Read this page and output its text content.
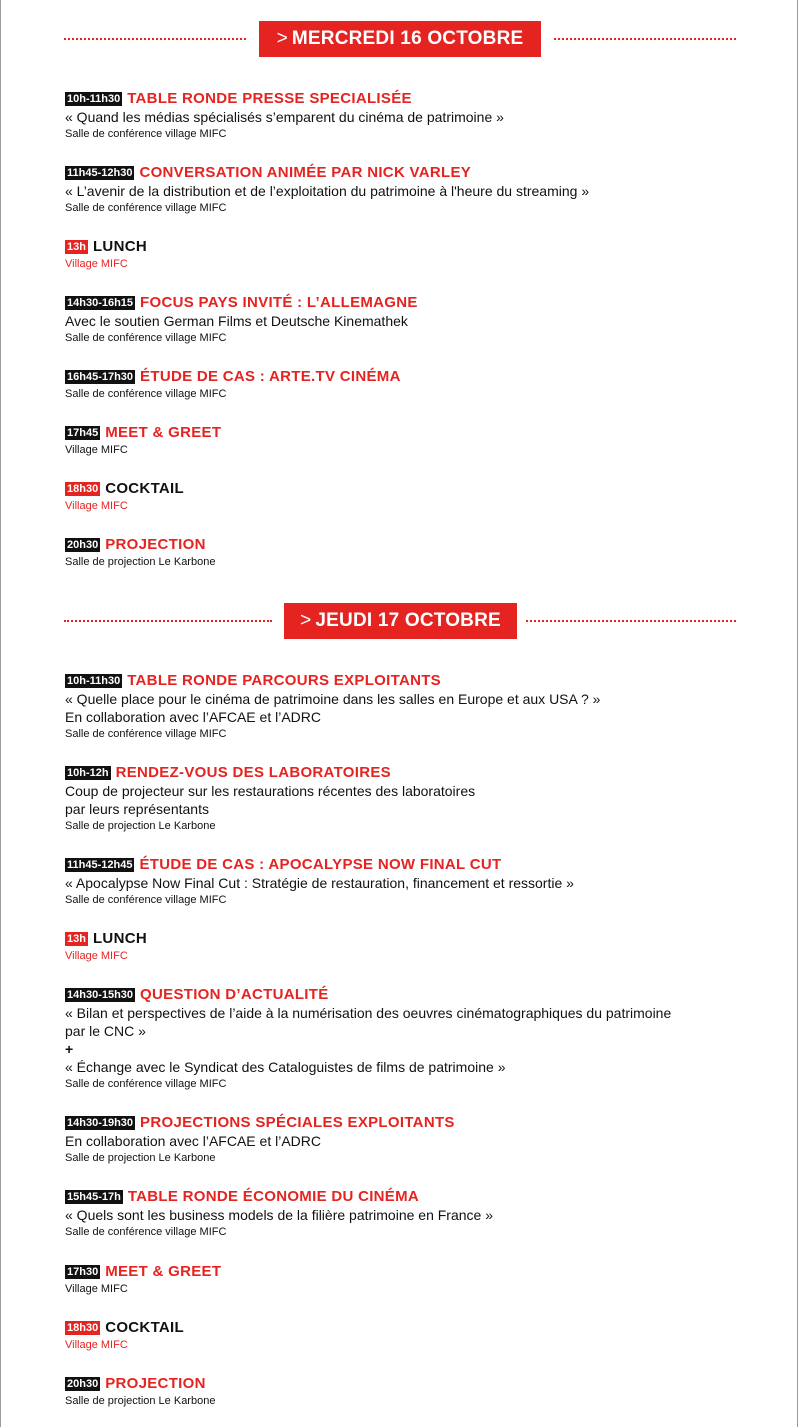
> MERCREDI 16 OCTOBRE
10h-11h30 TABLE RONDE PRESSE SPECIALISÉE
« Quand les médias spécialisés s’emparent du cinéma de patrimoine »
Salle de conférence village MIFC
11h45-12h30 CONVERSATION ANIMÉE PAR NICK VARLEY
« L’avenir de la distribution et de l’exploitation du patrimoine à l'heure du streaming »
Salle de conférence village MIFC
13h LUNCH
Village MIFC
14h30-16h15 FOCUS PAYS INVITÉ : L’ALLEMAGNE
Avec le soutien German Films et Deutsche Kinemathek
Salle de conférence village MIFC
16h45-17h30 ÉTUDE DE CAS : ARTE.TV CINÉMA
Salle de conférence village MIFC
17h45 MEET & GREET
Village MIFC
18h30 COCKTAIL
Village MIFC
20h30 PROJECTION
Salle de projection Le Karbone
> JEUDI 17 OCTOBRE
10h-11h30 TABLE RONDE PARCOURS EXPLOITANTS
« Quelle place pour le cinéma de patrimoine dans les salles en Europe et aux USA ? »
En collaboration avec l’AFCAE et l’ADRC
Salle de conférence village MIFC
10h-12h RENDEZ-VOUS DES LABORATOIRES
Coup de projecteur sur les restaurations récentes des laboratoires
par leurs représentants
Salle de projection Le Karbone
11h45-12h45 ÉTUDE DE CAS : APOCALYPSE NOW FINAL CUT
« Apocalypse Now Final Cut : Stratégie de restauration, financement et ressortie »
Salle de conférence village MIFC
13h LUNCH
Village MIFC
14h30-15h30 QUESTION D’ACTUALITÉ
« Bilan et perspectives de l’aide à la numérisation des oeuvres cinématographiques du patrimoine
par le CNC »
+
« Échange avec le Syndicat des Cataloguistes de films de patrimoine »
Salle de conférence village MIFC
14h30-19h30 PROJECTIONS SPÉCIALES EXPLOITANTS
En collaboration avec l’AFCAE et l’ADRC
Salle de projection Le Karbone
15h45-17h TABLE RONDE ÉCONOMIE DU CINÉMA
« Quels sont les business models de la filière patrimoine en France »
Salle de conférence village MIFC
17h30 MEET & GREET
Village MIFC
18h30 COCKTAIL
Village MIFC
20h30 PROJECTION
Salle de projection Le Karbone
